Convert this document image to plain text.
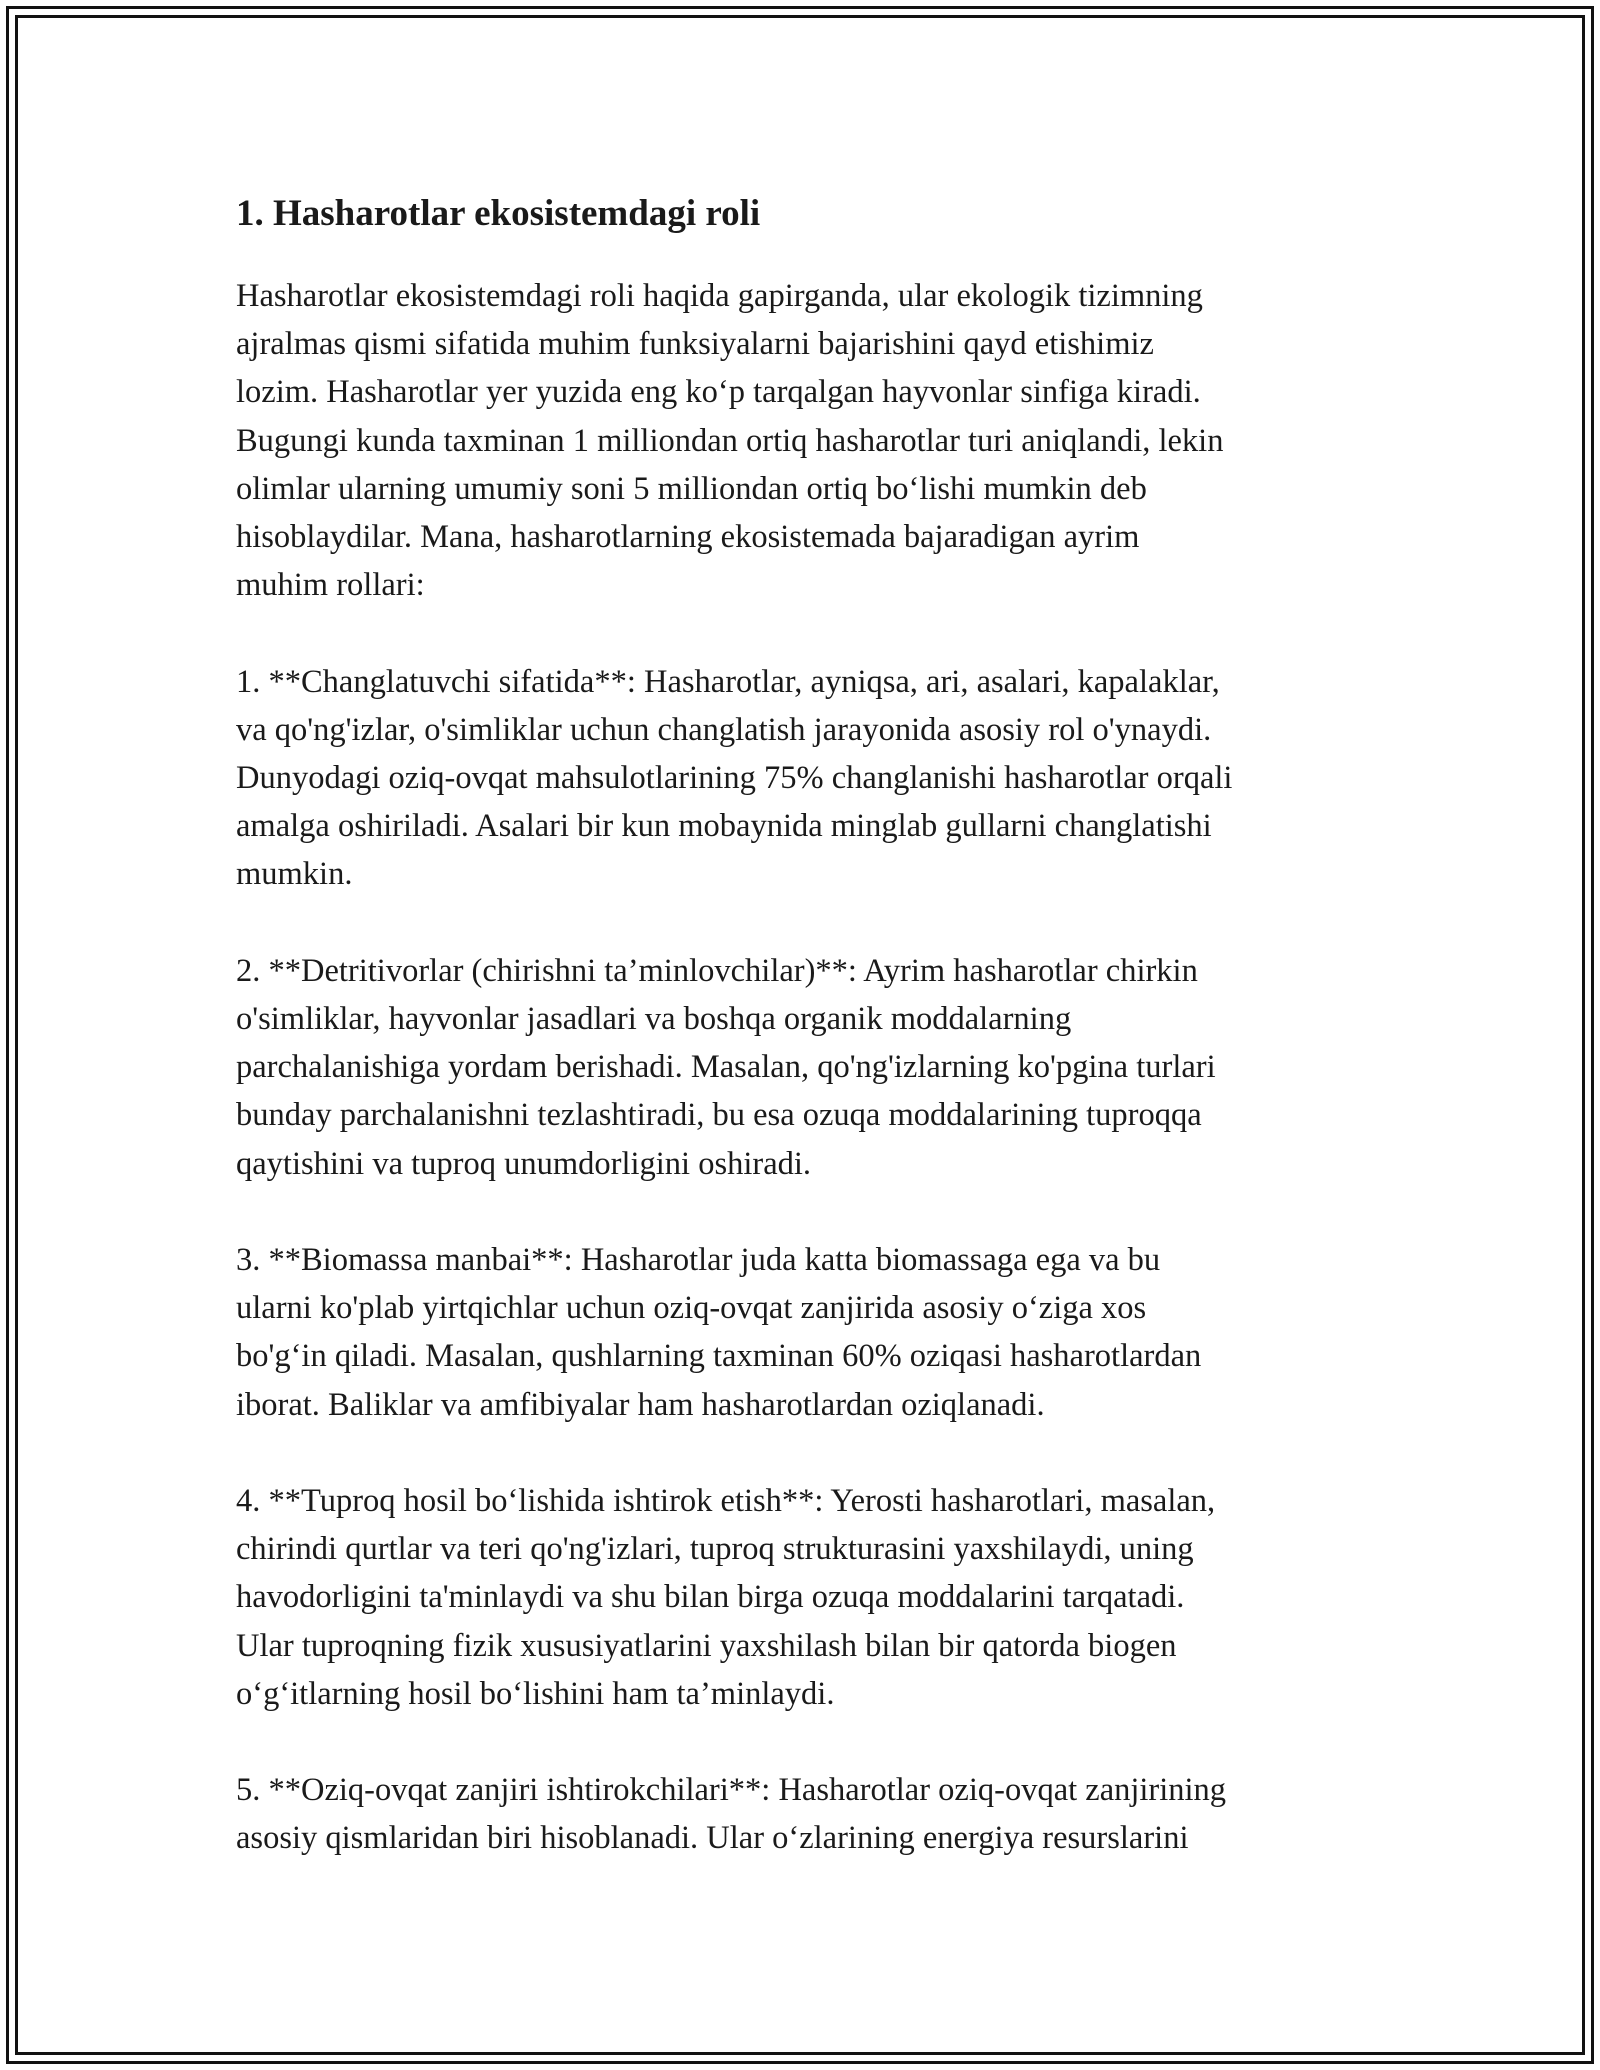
1. Hasharotlar ekosistemdagi roli

Hasharotlar ekosistemdagi roli haqida gapirganda, ular ekologik tizimning
ajralmas qismi sifatida muhim funksiyalarni bajarishini qayd etishimiz
lozim. Hasharotlar yer yuzida eng ko‘p tarqalgan hayvonlar sinfiga kiradi.
Bugungi kunda taxminan 1 milliondan ortiq hasharotlar turi aniqlandi, lekin
olimlar ularning umumiy soni 5 milliondan ortiq bo‘lishi mumkin deb
hisoblaydilar. Mana, hasharotlarning ekosistemada bajaradigan ayrim
muhim rollari:

1. **Changlatuvchi sifatida**: Hasharotlar, ayniqsa, ari, asalari, kapalaklar,
va qo'ng'izlar, o'simliklar uchun changlatish jarayonida asosiy rol o'ynaydi.
Dunyodagi oziq-ovqat mahsulotlarining 75% changlanishi hasharotlar orqali
amalga oshiriladi. Asalari bir kun mobaynida minglab gullarni changlatishi
mumkin.

2. **Detritivorlar (chirishni ta’minlovchilar)**: Ayrim hasharotlar chirkin
o'simliklar, hayvonlar jasadlari va boshqa organik moddalarning
parchalanishiga yordam berishadi. Masalan, qo'ng'izlarning ko'pgina turlari
bunday parchalanishni tezlashtiradi, bu esa ozuqa moddalarining tuproqqa
qaytishini va tuproq unumdorligini oshiradi.

3. **Biomassa manbai**: Hasharotlar juda katta biomassaga ega va bu
ularni ko'plab yirtqichlar uchun oziq-ovqat zanjirida asosiy o‘ziga xos
bo'g‘in qiladi. Masalan, qushlarning taxminan 60% oziqasi hasharotlardan
iborat. Baliklar va amfibiyalar ham hasharotlardan oziqlanadi.

4. **Tuproq hosil bo‘lishida ishtirok etish**: Yerosti hasharotlari, masalan,
chirindi qurtlar va teri qo'ng'izlari, tuproq strukturasini yaxshilaydi, uning
havodorligini ta'minlaydi va shu bilan birga ozuqa moddalarini tarqatadi.
Ular tuproqning fizik xususiyatlarini yaxshilash bilan bir qatorda biogen
o‘g‘itlarning hosil bo‘lishini ham ta’minlaydi.

5. **Oziq-ovqat zanjiri ishtirokchilari**: Hasharotlar oziq-ovqat zanjirining
asosiy qismlaridan biri hisoblanadi. Ular o‘zlarining energiya resurslarini
